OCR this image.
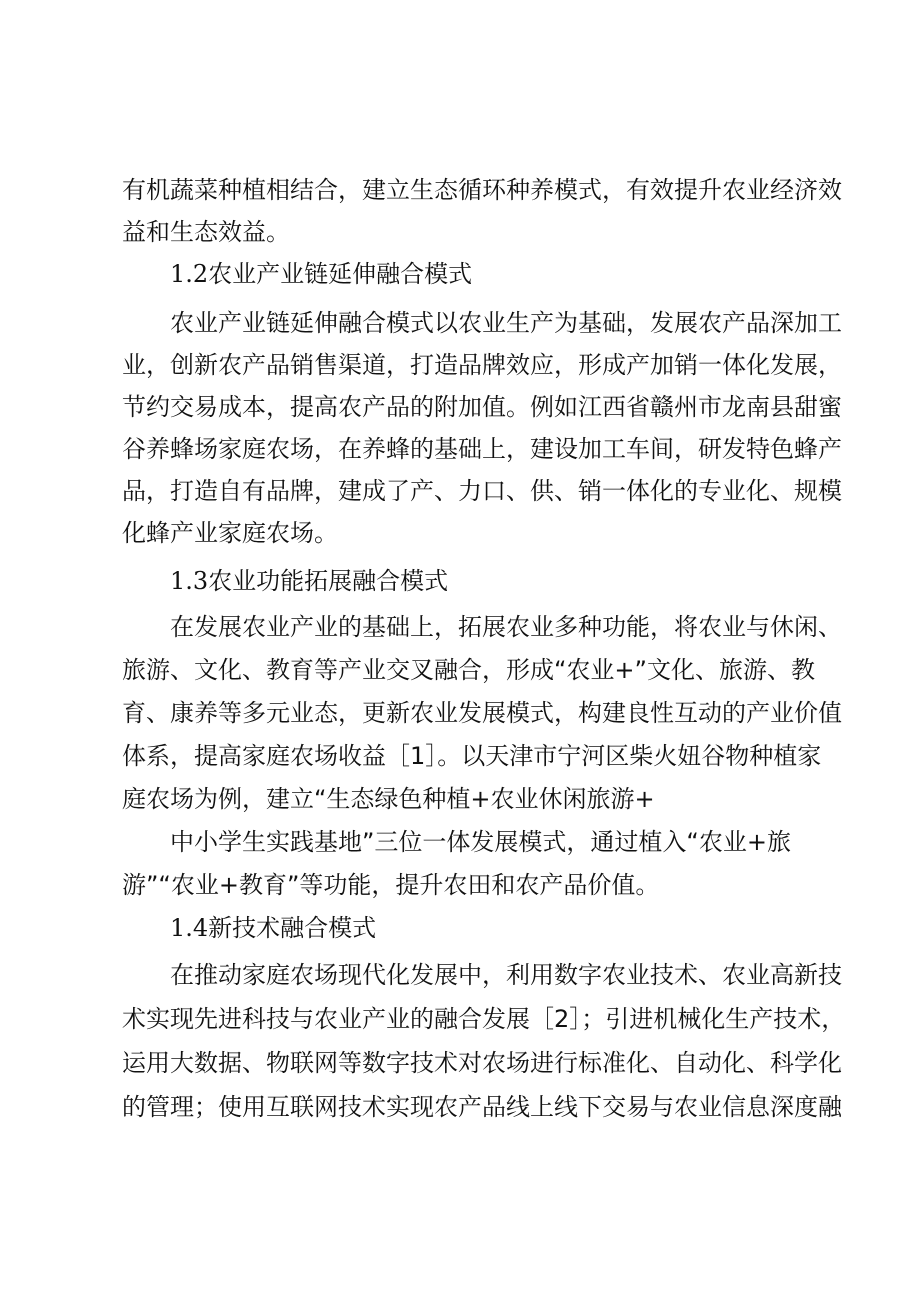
有机蔬菜种植相结合，建立生态循环种养模式，有效提升农业经济效
益和生态效益。
1.2农业产业链延伸融合模式
农业产业链延伸融合模式以农业生产为基础，发展农产品深加工
业，创新农产品销售渠道，打造品牌效应，形成产加销一体化发展，
节约交易成本，提高农产品的附加值。例如江西省赣州市龙南县甜蜜
谷养蜂场家庭农场，在养蜂的基础上，建设加工车间，研发特色蜂产
品，打造自有品牌，建成了产、力口、供、销一体化的专业化、规模
化蜂产业家庭农场。
1.3农业功能拓展融合模式
在发展农业产业的基础上，拓展农业多种功能，将农业与休闲、
旅游、文化、教育等产业交叉融合，形成“农业+”文化、旅游、教
育、康养等多元业态，更新农业发展模式，构建良性互动的产业价值
体系，提高家庭农场收益［1］。以天津市宁河区柴火妞谷物种植家
庭农场为例，建立“生态绿色种植+农业休闲旅游+
中小学生实践基地”三位一体发展模式，通过植入“农业+旅
游”“农业+教育”等功能，提升农田和农产品价值。
1.4新技术融合模式
在推动家庭农场现代化发展中，利用数字农业技术、农业高新技
术实现先进科技与农业产业的融合发展［2］；引进机械化生产技术，
运用大数据、物联网等数字技术对农场进行标准化、自动化、科学化
的管理；使用互联网技术实现农产品线上线下交易与农业信息深度融
